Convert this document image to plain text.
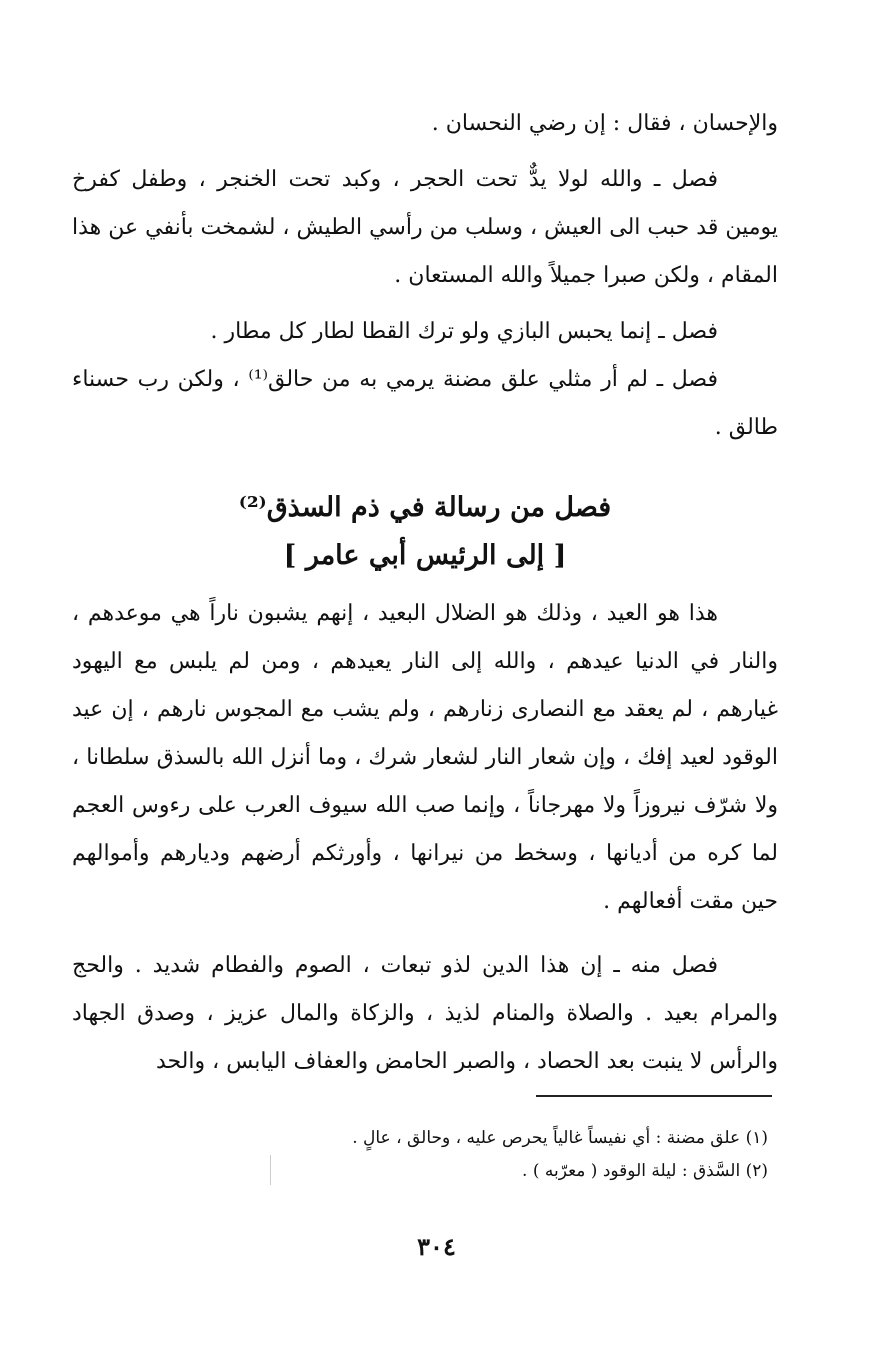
والإحسان ، فقال : إن رضي النحسان .

فصل ـ والله لولا يدٌّ تحت الحجر ، وكبد تحت الخنجر ، وطفل كفرخ يومين قد حبب الى العيش ، وسلب من رأسي الطيش ، لشمخت بأنفي عن هذا المقام ، ولكن صبرا جميلاً والله المستعان .

فصل ـ إنما يحبس البازي ولو ترك القطا لطار كل مطار .

فصل ـ لم أر مثلي علق مضنة يرمي به من حالق⁽¹⁾ ، ولكن رب حسناء طالق .

فصل من رسالة في ذم السذق⁽²⁾
[ إلى الرئيس أبي عامر ]

هذا هو العيد ، وذلك هو الضلال البعيد ، إنهم يشبون ناراً هي موعدهم ، والنار في الدنيا عيدهم ، والله إلى النار يعيدهم ، ومن لم يلبس مع اليهود غيارهم ، لم يعقد مع النصارى زنارهم ، ولم يشب مع المجوس نارهم ، إن عيد الوقود لعيد إفك ، وإن شعار النار لشعار شرك ، وما أنزل الله بالسذق سلطانا ، ولا شرّف نيروزاً ولا مهرجاناً ، وإنما صب الله سيوف العرب على رءوس العجم لما كره من أديانها ، وسخط من نيرانها ، وأورثكم أرضهم وديارهم وأموالهم حين مقت أفعالهم .

فصل منه ـ إن هذا الدين لذو تبعات ، الصوم والفطام شديد . والحج والمرام بعيد . والصلاة والمنام لذيذ ، والزكاة والمال عزيز ، وصدق الجهاد والرأس لا ينبت بعد الحصاد ، والصبر الحامض والعفاف اليابس ، والحد

(١) علق مضنة : أي نفيساً غالياً يحرص عليه ، وحالق ، عالٍ .

(٢) السَّذق : ليلة الوقود ( معرّبه ) .

٣٠٤
